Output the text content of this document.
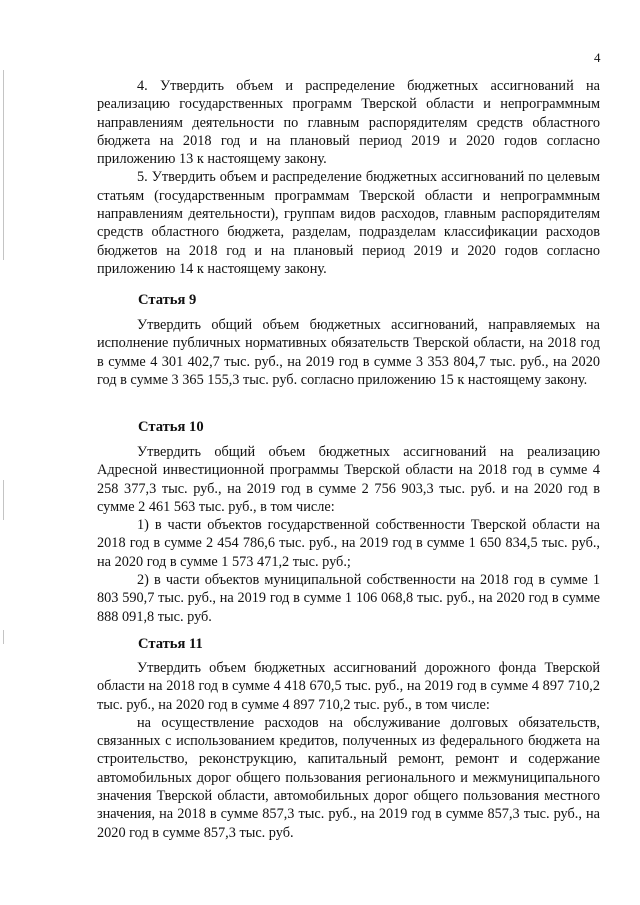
4

4. Утвердить объем и распределение бюджетных ассигнований на реализацию государственных программ Тверской области и непрограммным направлениям деятельности по главным распорядителям средств областного бюджета на 2018 год и на плановый период 2019 и 2020 годов согласно приложению 13 к настоящему закону.

5. Утвердить объем и распределение бюджетных ассигнований по целевым статьям (государственным программам Тверской области и непрограммным направлениям деятельности), группам видов расходов, главным распорядителям средств областного бюджета, разделам, подразделам классификации расходов бюджетов на 2018 год и на плановый период 2019 и 2020 годов согласно приложению 14 к настоящему закону.

Статья 9

Утвердить общий объем бюджетных ассигнований, направляемых на исполнение публичных нормативных обязательств Тверской области, на 2018 год в сумме 4 301 402,7 тыс. руб., на 2019 год в сумме 3 353 804,7 тыс. руб., на 2020 год в сумме 3 365 155,3 тыс. руб. согласно приложению 15 к настоящему закону.

Статья 10

Утвердить общий объем бюджетных ассигнований на реализацию Адресной инвестиционной программы Тверской области на 2018 год в сумме 4 258 377,3 тыс. руб., на 2019 год в сумме 2 756 903,3 тыс. руб. и на 2020 год в сумме 2 461 563 тыс. руб., в том числе:

1) в части объектов государственной собственности Тверской области на 2018 год в сумме 2 454 786,6 тыс. руб., на 2019 год в сумме 1 650 834,5 тыс. руб., на 2020 год в сумме 1 573 471,2 тыс. руб.;

2) в части объектов муниципальной собственности на 2018 год в сумме 1 803 590,7 тыс. руб., на 2019 год в сумме 1 106 068,8 тыс. руб., на 2020 год в сумме 888 091,8 тыс. руб.

Статья 11

Утвердить объем бюджетных ассигнований дорожного фонда Тверской области на 2018 год в сумме 4 418 670,5 тыс. руб., на 2019 год в сумме 4 897 710,2 тыс. руб., на 2020 год в сумме 4 897 710,2 тыс. руб., в том числе:

на осуществление расходов на обслуживание долговых обязательств, связанных с использованием кредитов, полученных из федерального бюджета на строительство, реконструкцию, капитальный ремонт, ремонт и содержание автомобильных дорог общего пользования регионального и межмуниципального значения Тверской области, автомобильных дорог общего пользования местного значения, на 2018 в сумме 857,3 тыс. руб., на 2019 год в сумме 857,3 тыс. руб., на 2020 год в сумме 857,3 тыс. руб.
